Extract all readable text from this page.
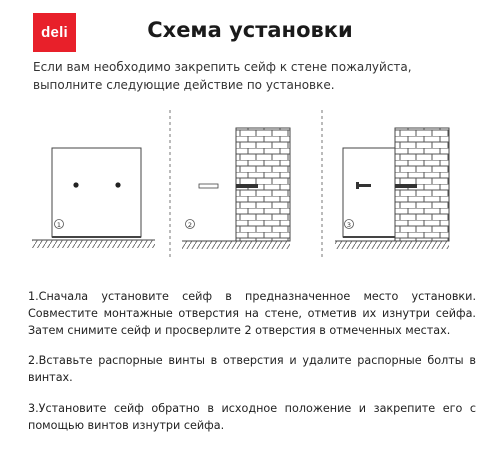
deli	Схема установки
Если вам необходимо закрепить сейф к стене пожалуйста, выполните следующие действие по установке.
1	2	3
1.Сначала установите сейф в предназначенное место установки. Совместите монтажные отверстия на стене, отметив их изнутри сейфа. Затем снимите сейф и просверлите 2 отверстия в отмеченных местах.
2.Вставьте распорные винты в отверстия и удалите распорные болты в винтах.
3.Установите сейф обратно в исходное положение и закрепите его с помощью винтов изнутри сейфа.
